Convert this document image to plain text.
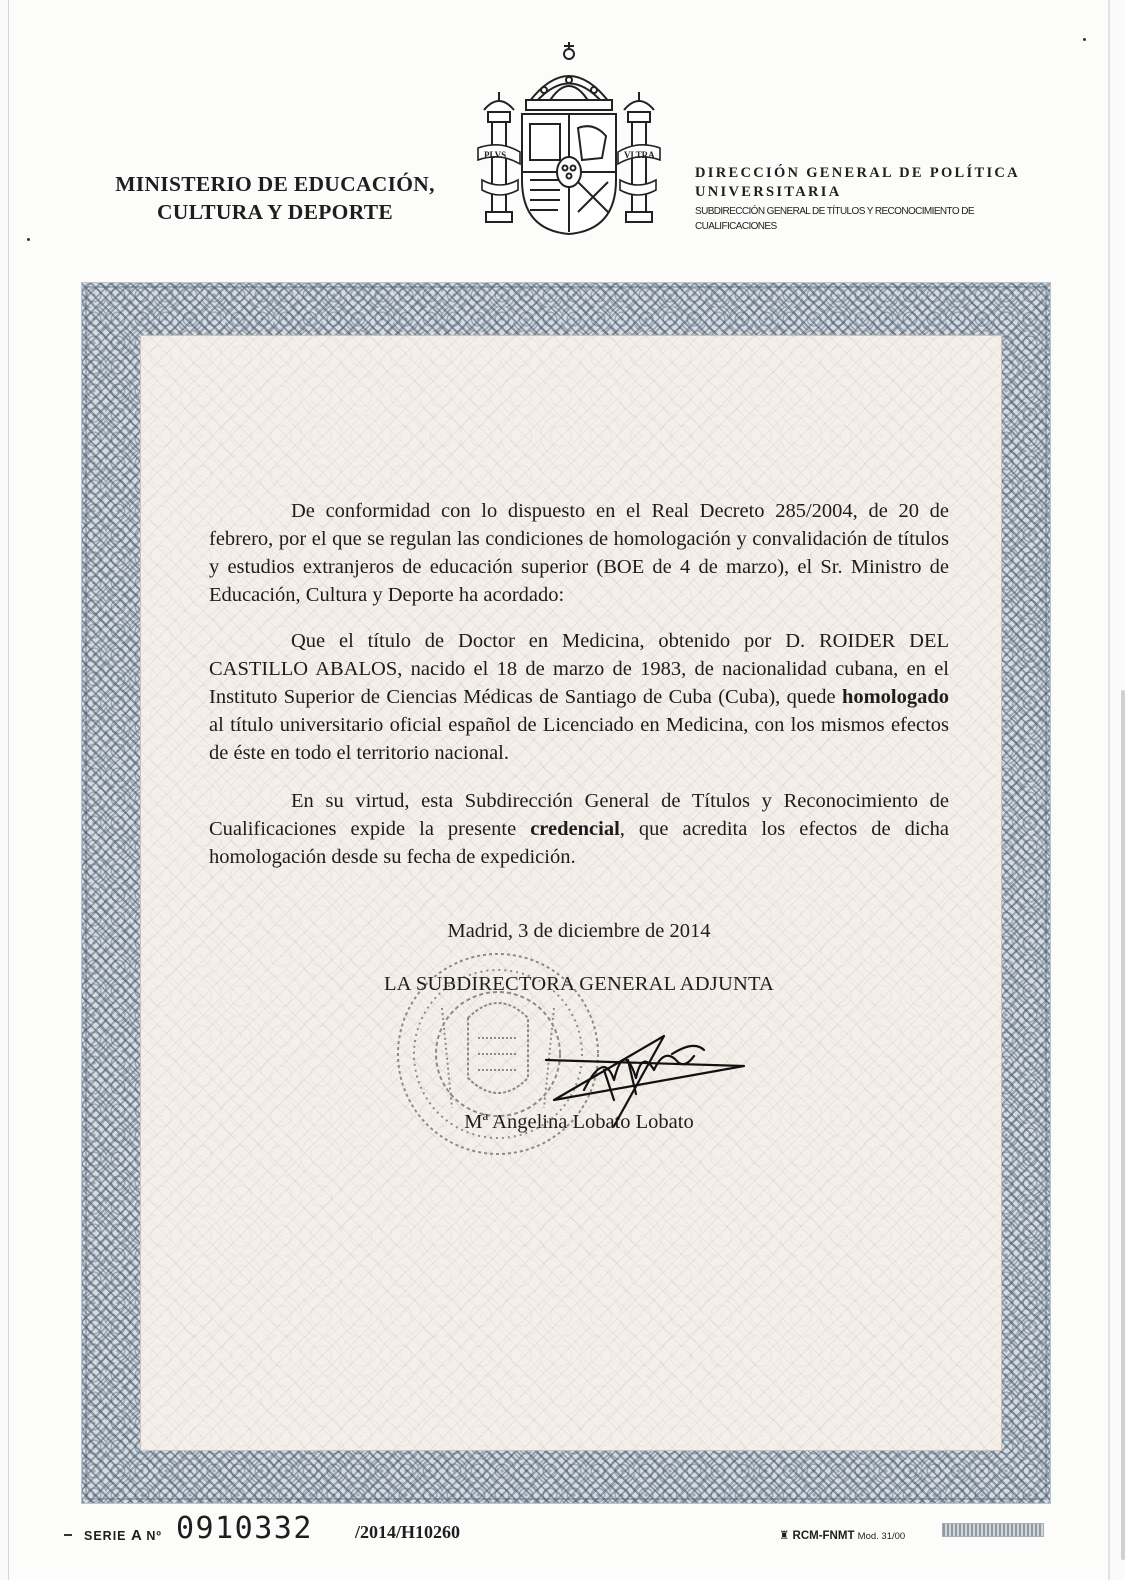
MINISTERIO DE EDUCACIÓN,
CULTURA Y DEPORTE
PLVS	VLTRA
DIRECCIÓN GENERAL DE POLÍTICA
UNIVERSITARIA
SUBDIRECCIÓN GENERAL DE TÍTULOS Y RECONOCIMIENTO DE CUALIFICACIONES

De conformidad con lo dispuesto en el Real Decreto 285/2004, de 20 de febrero, por el que se regulan las condiciones de homologación y convalidación de títulos y estudios extranjeros de educación superior (BOE de 4 de marzo), el Sr. Ministro de Educación, Cultura y Deporte ha acordado:

Que el título de Doctor en Medicina, obtenido por D. ROIDER DEL CASTILLO ABALOS, nacido el 18 de marzo de 1983, de nacionalidad cubana, en el Instituto Superior de Ciencias Médicas de Santiago de Cuba (Cuba), quede homologado al título universitario oficial español de Licenciado en Medicina, con los mismos efectos de éste en todo el territorio nacional.

En su virtud, esta Subdirección General de Títulos y Reconocimiento de Cualificaciones expide la presente credencial, que acredita los efectos de dicha homologación desde su fecha de expedición.

Madrid, 3 de diciembre de 2014
LA SUBDIRECTORA GENERAL ADJUNTA
Mª Angelina Lobato Lobato
SERIE A Nº 0910332 /2014/H10260	♜ RCM-FNMT Mod. 31/00
